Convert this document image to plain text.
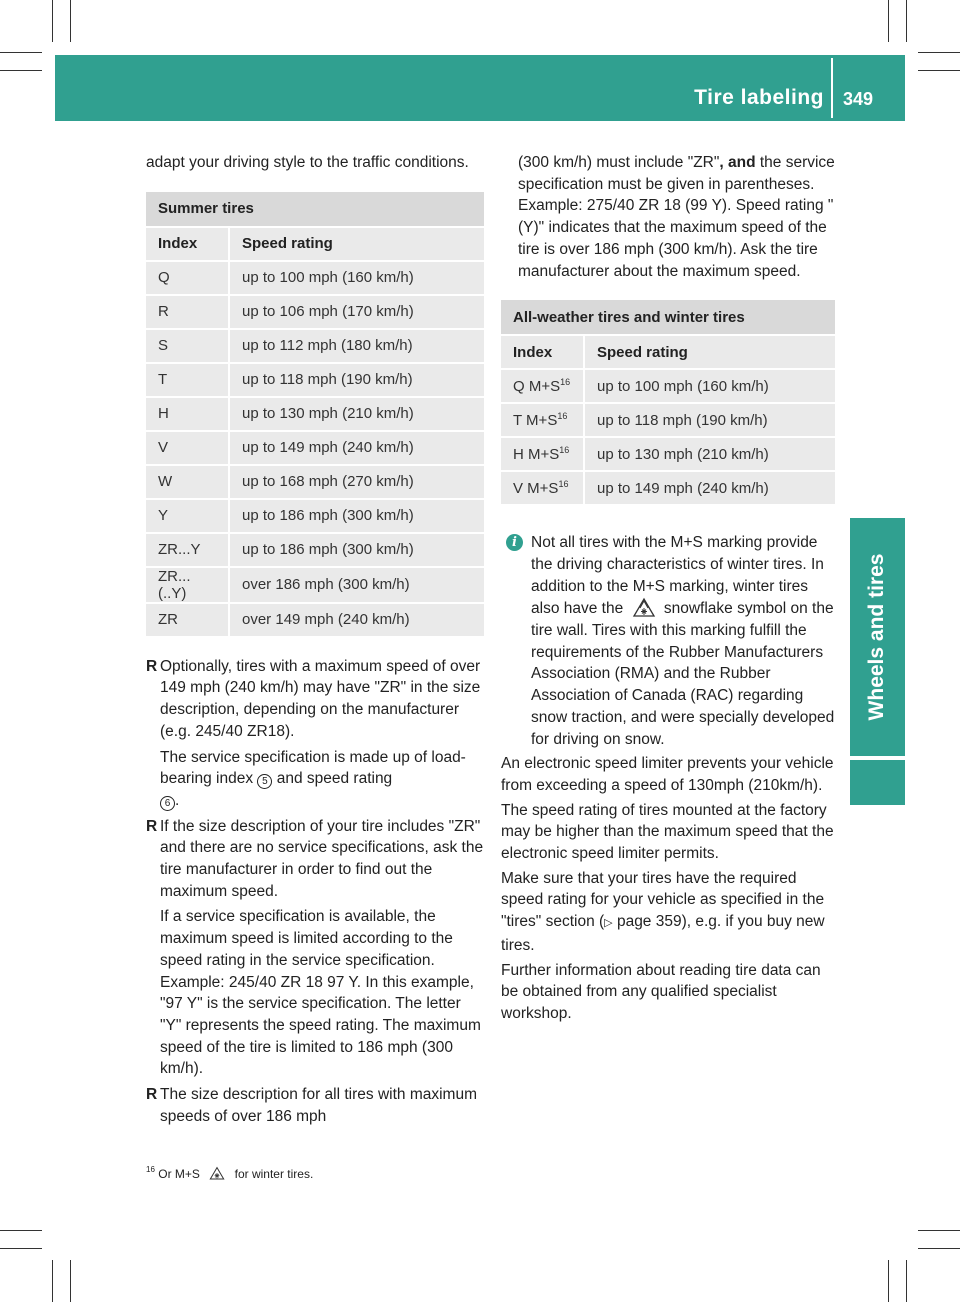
Tire labeling 349
Wheels and tires

adapt your driving style to the traffic conditions.

Summer tires	
Index	Speed rating
Q	up to 100 mph (160 km/h)
R	up to 106 mph (170 km/h)
S	up to 112 mph (180 km/h)
T	up to 118 mph (190 km/h)
H	up to 130 mph (210 km/h)
V	up to 149 mph (240 km/h)
W	up to 168 mph (270 km/h)
Y	up to 186 mph (300 km/h)
ZR...Y	up to 186 mph (300 km/h)
ZR...(..Y)	over 186 mph (300 km/h)
ZR	over 149 mph (240 km/h)
R Optionally, tires with a maximum speed of over 149 mph (240 km/h) may have "ZR" in the size description, depending on the manufacturer (e.g. 245/40 ZR18).

The service specification is made up of load-bearing index 5 and speed rating
6 .

R If the size description of your tire includes "ZR" and there are no service specifications, ask the tire manufacturer in order to find out the maximum speed.

If a service specification is available, the maximum speed is limited according to the speed rating in the service specification. Example: 245/40 ZR 18 97 Y. In this example, "97 Y" is the service specification. The letter "Y" represents the speed rating. The maximum speed of the tire is limited to 186 mph (300 km/h).

R The size description for all tires with maximum speeds of over 186 mph

(300 km/h) must include "ZR", and the service specification must be given in parentheses. Example: 275/40 ZR 18 (99 Y). Speed rating "(Y)" indicates that the maximum speed of the tire is over 186 mph (300 km/h). Ask the tire manufacturer about the maximum speed.

All-weather tires and winter tires	
Index	Speed rating
Q $M+S^{16}$	up to 100 mph (160 km/h)
T $M+S^{16}$	up to 118 mph (190 km/h)
H $M+S^{16}$	up to 130 mph (210 km/h)
V $M+S^{16}$	up to 149 mph (240 km/h)
i Not all tires with the M+S marking provide the driving characteristics of winter tires. In addition to the M+S marking, winter tires also have the	snowflake symbol on the tire wall. Tires with this marking fulfill the requirements of the Rubber Manufacturers Association (RMA) and the Rubber Association of Canada (RAC) regarding snow traction, and were specially developed for driving on snow.

An electronic speed limiter prevents your vehicle from exceeding a speed of 130mph (210km/h).

The speed rating of tires mounted at the factory may be higher than the maximum speed that the electronic speed limiter permits.

Make sure that your tires have the required speed rating for your vehicle as specified in the "tires" section (▷ page 359), e.g. if you buy new tires.

Further information about reading tire data can be obtained from any qualified specialist workshop.

$^{16}$ Or M+S	for winter tires.
